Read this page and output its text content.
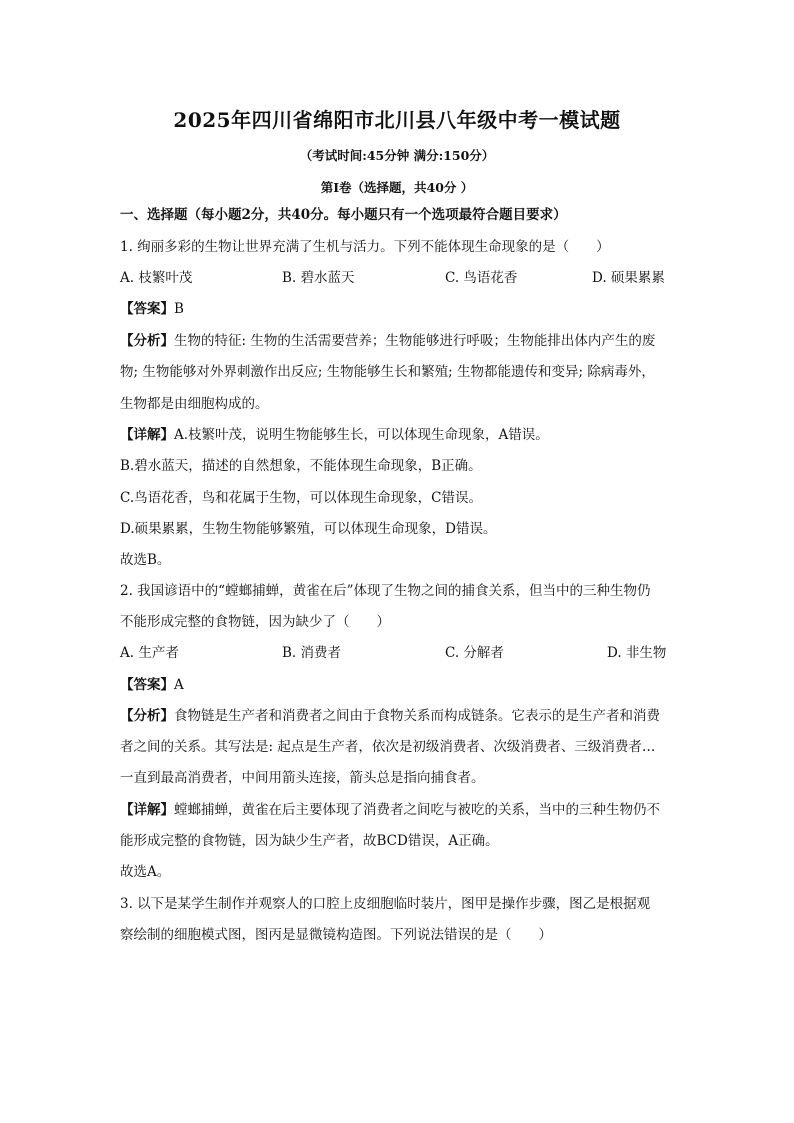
2025年四川省绵阳市北川县八年级中考一模试题
（考试时间:45分钟 满分:150分）
第Ⅰ卷（选择题，共40分 ）
一、选择题（每小题2分，共40分。每小题只有一个选项最符合题目要求）
1. 绚丽多彩的生物让世界充满了生机与活力。下列不能体现生命现象的是（　　）
A. 枝繁叶茂	B. 碧水蓝天	C. 鸟语花香	D. 硕果累累
【答案】B
【分析】生物的特征: 生物的生活需要营养；生物能够进行呼吸；生物能排出体内产生的废
物; 生物能够对外界刺激作出反应; 生物能够生长和繁殖; 生物都能遗传和变异; 除病毒外，
生物都是由细胞构成的。
【详解】A.枝繁叶茂，说明生物能够生长，可以体现生命现象，A错误。
B.碧水蓝天，描述的自然想象，不能体现生命现象，B正确。
C.鸟语花香，鸟和花属于生物，可以体现生命现象，C错误。
D.硕果累累，生物生物能够繁殖，可以体现生命现象，D错误。
故选B。
2. 我国谚语中的“螳螂捕蝉，黄雀在后”体现了生物之间的捕食关系，但当中的三种生物仍
不能形成完整的食物链，因为缺少了（　　）
A. 生产者	B. 消费者	C. 分解者	D. 非生物
【答案】A
【分析】食物链是生产者和消费者之间由于食物关系而构成链条。它表示的是生产者和消费
者之间的关系。其写法是: 起点是生产者，依次是初级消费者、次级消费者、三级消费者…
一直到最高消费者，中间用箭头连接，箭头总是指向捕食者。
【详解】螳螂捕蝉，黄雀在后主要体现了消费者之间吃与被吃的关系，当中的三种生物仍不
能形成完整的食物链，因为缺少生产者，故BCD错误，A正确。
故选A。
3. 以下是某学生制作并观察人的口腔上皮细胞临时装片，图甲是操作步骤，图乙是根据观
察绘制的细胞模式图，图丙是显微镜构造图。下列说法错误的是（　　）
